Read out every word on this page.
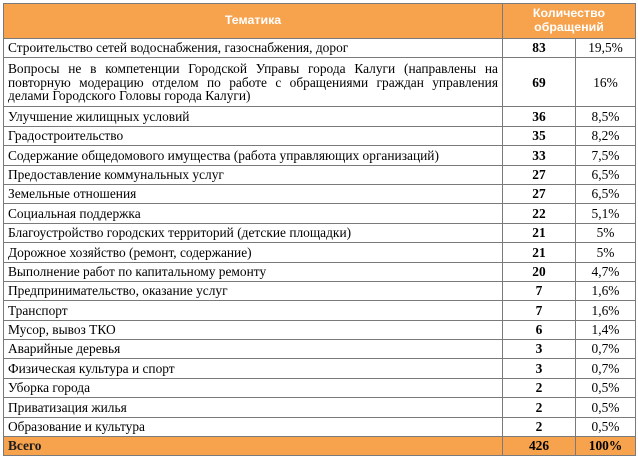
Тематика	Количество
обращений	
Строительство сетей водоснабжения, газоснабжения, дорог	83	19,5%
Вопросы не в компетенции Городской Управы города Калуги (направлены на повторную модерацию отделом по работе с обращениями граждан управления делами Городского Головы города Калуги)	69	16%
Улучшение жилищных условий	36	8,5%
Градостроительство	35	8,2%
Содержание общедомового имущества (работа управляющих организаций)	33	7,5%
Предоставление коммунальных услуг	27	6,5%
Земельные отношения	27	6,5%
Социальная поддержка	22	5,1%
Благоустройство городских территорий (детские площадки)	21	5%
Дорожное хозяйство (ремонт, содержание)	21	5%
Выполнение работ по капитальному ремонту	20	4,7%
Предпринимательство, оказание услуг	7	1,6%
Транспорт	7	1,6%
Мусор, вывоз ТКО	6	1,4%
Аварийные деревья	3	0,7%
Физическая культура и спорт	3	0,7%
Уборка города	2	0,5%
Приватизация жилья	2	0,5%
Образование и культура	2	0,5%
Всего	426	100%
